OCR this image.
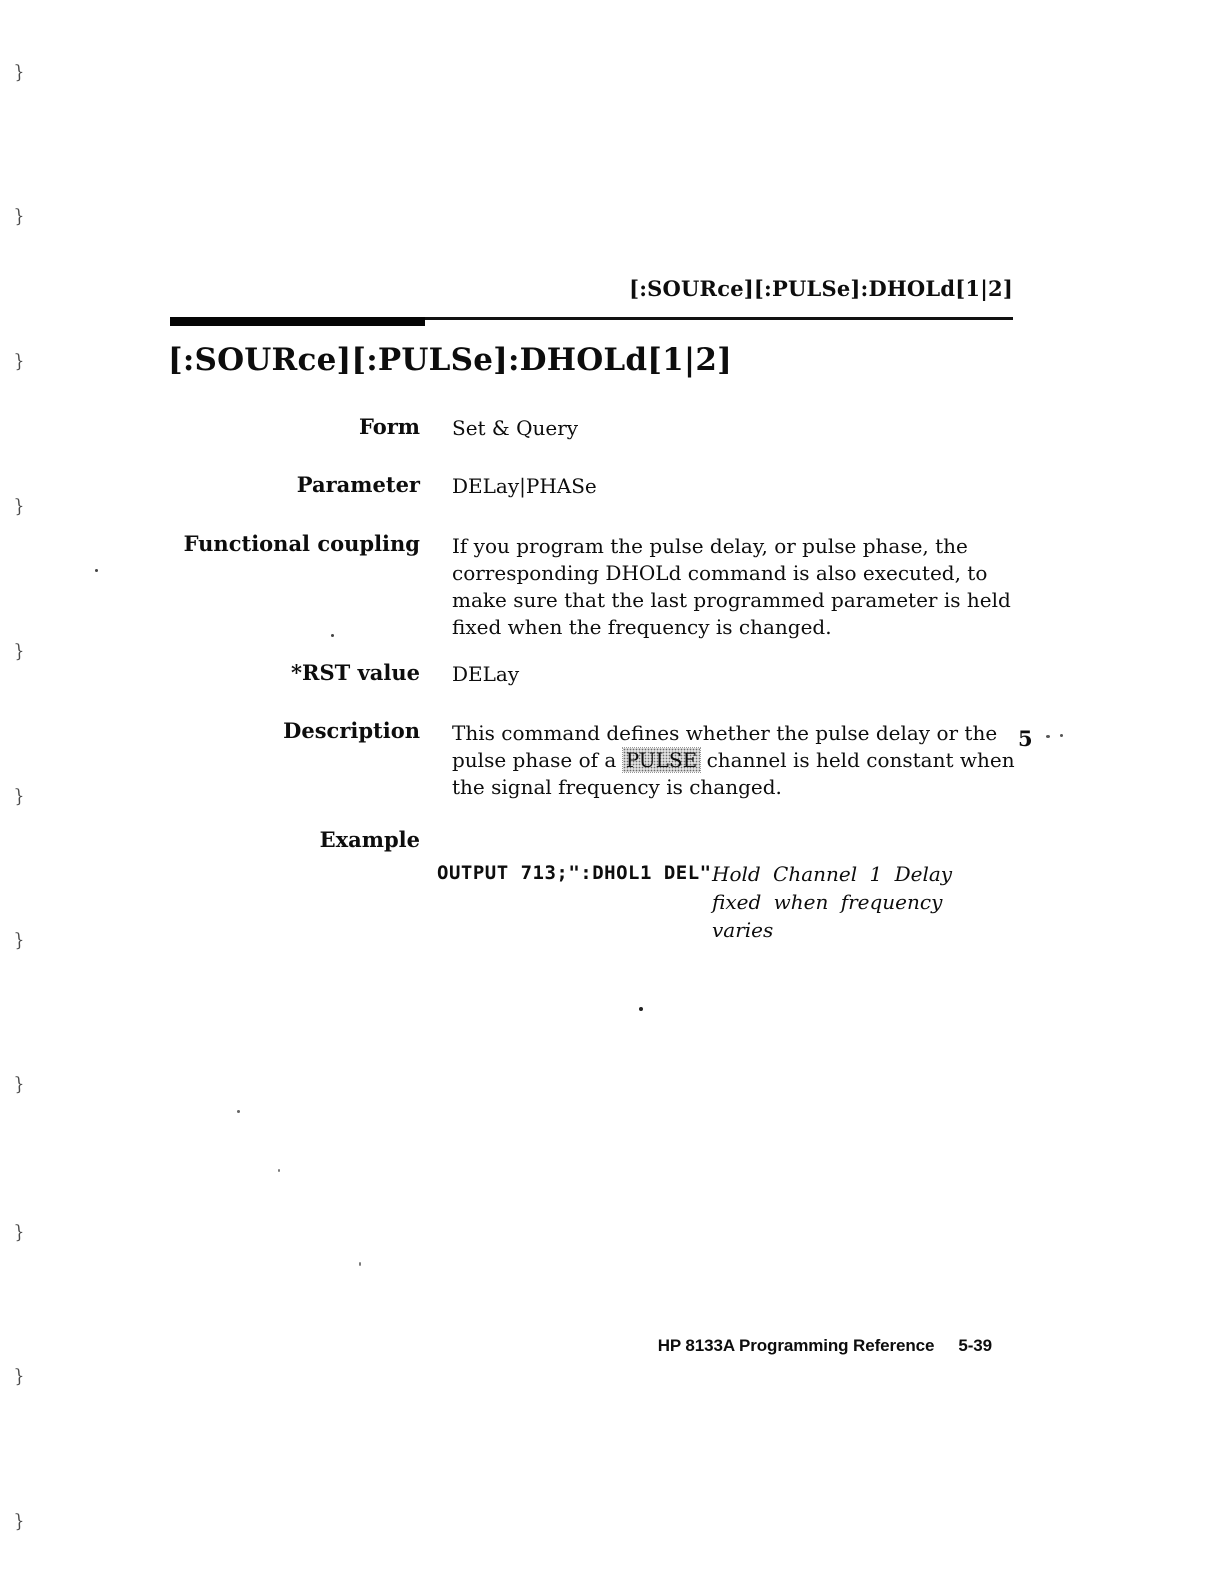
}
}
}
}
}
}
}
}
}
}
}
[:SOURce][:PULSe]:DHOLd[1|2]
[:SOURce][:PULSe]:DHOLd[1|2]
Form Set & Query
Parameter DELay|PHASe
Functional coupling If you program the pulse delay, or pulse phase, the corresponding DHOLd command is also executed, to make sure that the last programmed parameter is held fixed when the frequency is changed.
*RST value DELay
Description This command defines whether the pulse delay or the pulse phase of a PULSE channel is held constant when the signal frequency is changed.
Example
OUTPUT 713;":DHOL1 DEL" Hold Channel 1 Delay fixed when frequency varies
5
HP 8133A Programming Reference 5-39
